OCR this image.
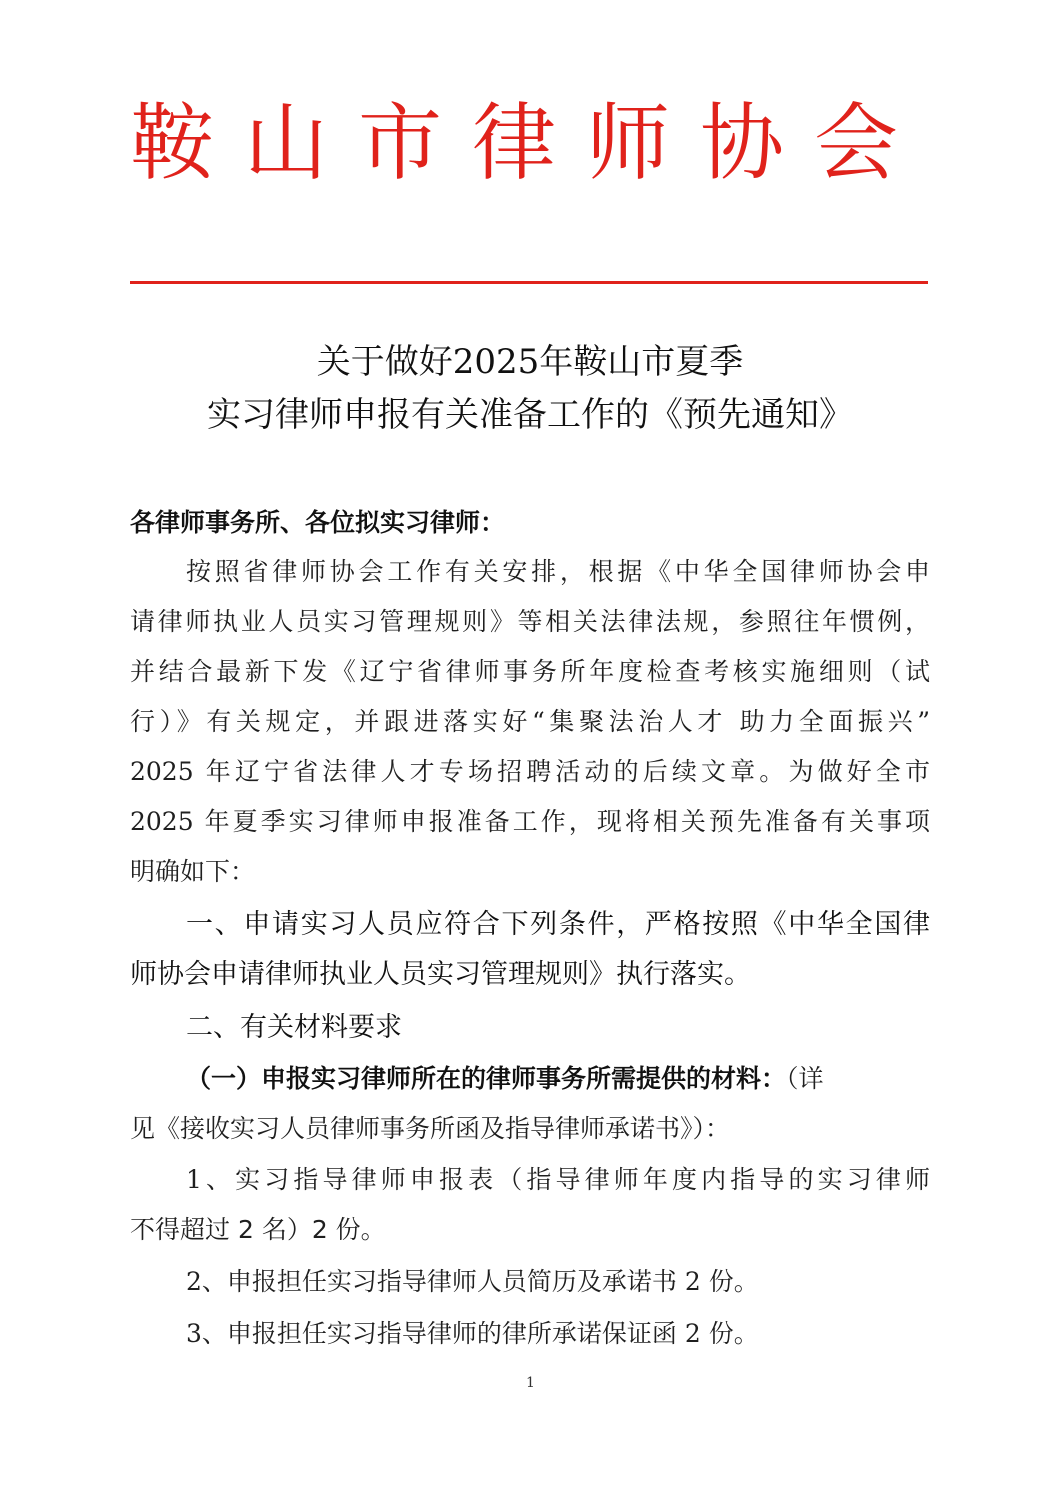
鞍山市律师协会
关于做好2025年鞍山市夏季
实习律师申报有关准备工作的《预先通知》
各律师事务所、各位拟实习律师：
按照省律师协会工作有关安排，根据《中华全国律师协会申
请律师执业人员实习管理规则》等相关法律法规，参照往年惯例，
并结合最新下发《辽宁省律师事务所年度检查考核实施细则（试
行）》有关规定，并跟进落实好“集聚法治人才 助力全面振兴”
2025 年辽宁省法律人才专场招聘活动的后续文章。为做好全市
2025 年夏季实习律师申报准备工作，现将相关预先准备有关事项
明确如下：
一、申请实习人员应符合下列条件，严格按照《中华全国律
师协会申请律师执业人员实习管理规则》执行落实。
二、有关材料要求
（一）申报实习律师所在的律师事务所需提供的材料：（详
见《接收实习人员律师事务所函及指导律师承诺书》）：
1、实习指导律师申报表（指导律师年度内指导的实习律师
不得超过 2 名）2 份。
2、申报担任实习指导律师人员简历及承诺书 2 份。
3、申报担任实习指导律师的律所承诺保证函 2 份。
1
